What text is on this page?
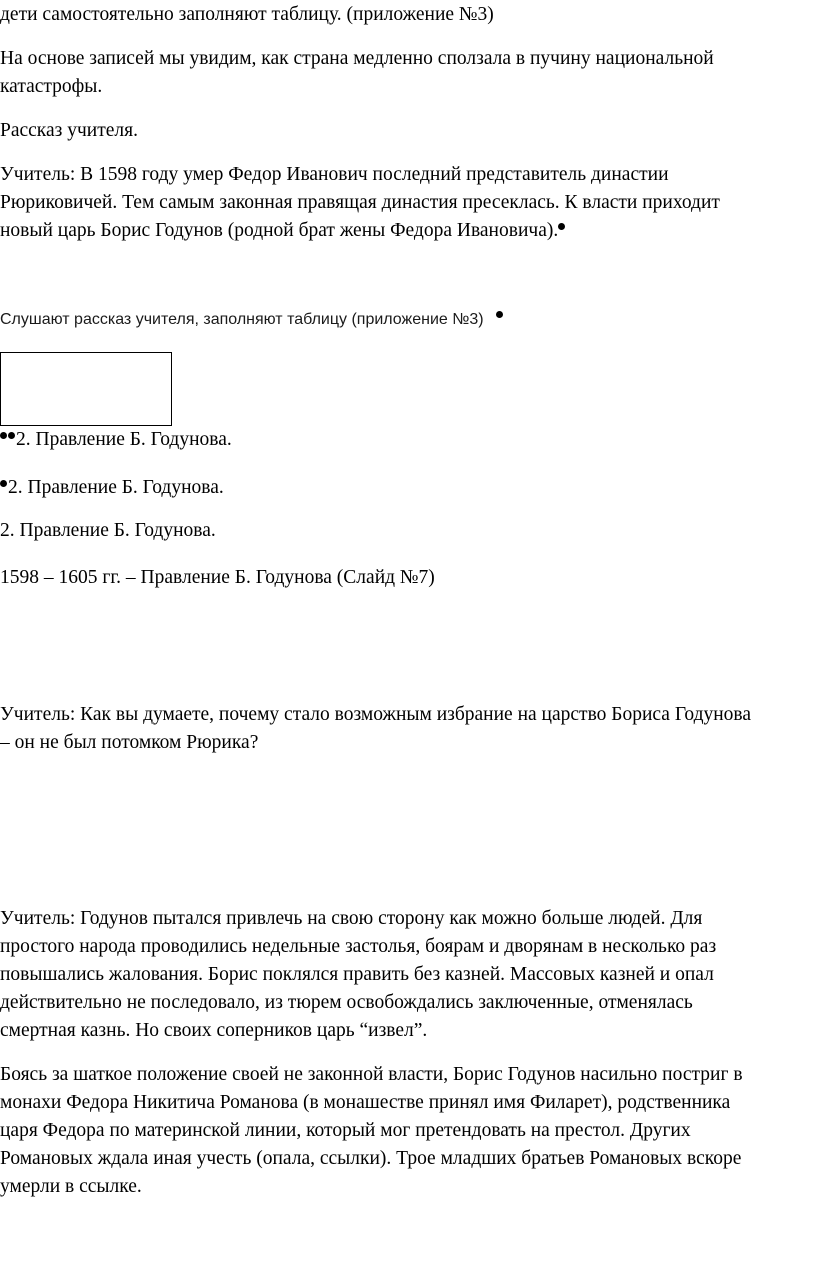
дети самостоятельно заполняют таблицу. (приложение №3)
На основе записей мы увидим, как страна медленно сползала в пучину национальной
катастрофы.
Рассказ учителя.
Учитель: В 1598 году умер Федор Иванович последний представитель династии
Рюриковичей. Тем самым законная правящая династия пресеклась. К власти приходит
новый царь Борис Годунов (родной брат жены Федора Ивановича).
Слушают рассказ учителя, заполняют таблицу (приложение №3)
2. Правление Б. Годунова.
2. Правление Б. Годунова.
2. Правление Б. Годунова.
1598 – 1605 гг. – Правление Б. Годунова (Слайд №7)
Учитель: Как вы думаете, почему стало возможным избрание на царство Бориса Годунова
– он не был потомком Рюрика?
Учитель: Годунов пытался привлечь на свою сторону как можно больше людей. Для
простого народа проводились недельные застолья, боярам и дворянам в несколько раз
повышались жалования. Борис поклялся править без казней. Массовых казней и опал
действительно не последовало, из тюрем освобождались заключенные, отменялась
смертная казнь. Но своих соперников царь “извел”.
Боясь за шаткое положение своей не законной власти, Борис Годунов насильно постриг в
монахи Федора Никитича Романова (в монашестве принял имя Филарет), родственника
царя Федора по материнской линии, который мог претендовать на престол. Других
Романовых ждала иная учесть (опала, ссылки). Трое младших братьев Романовых вскоре
умерли в ссылке.
